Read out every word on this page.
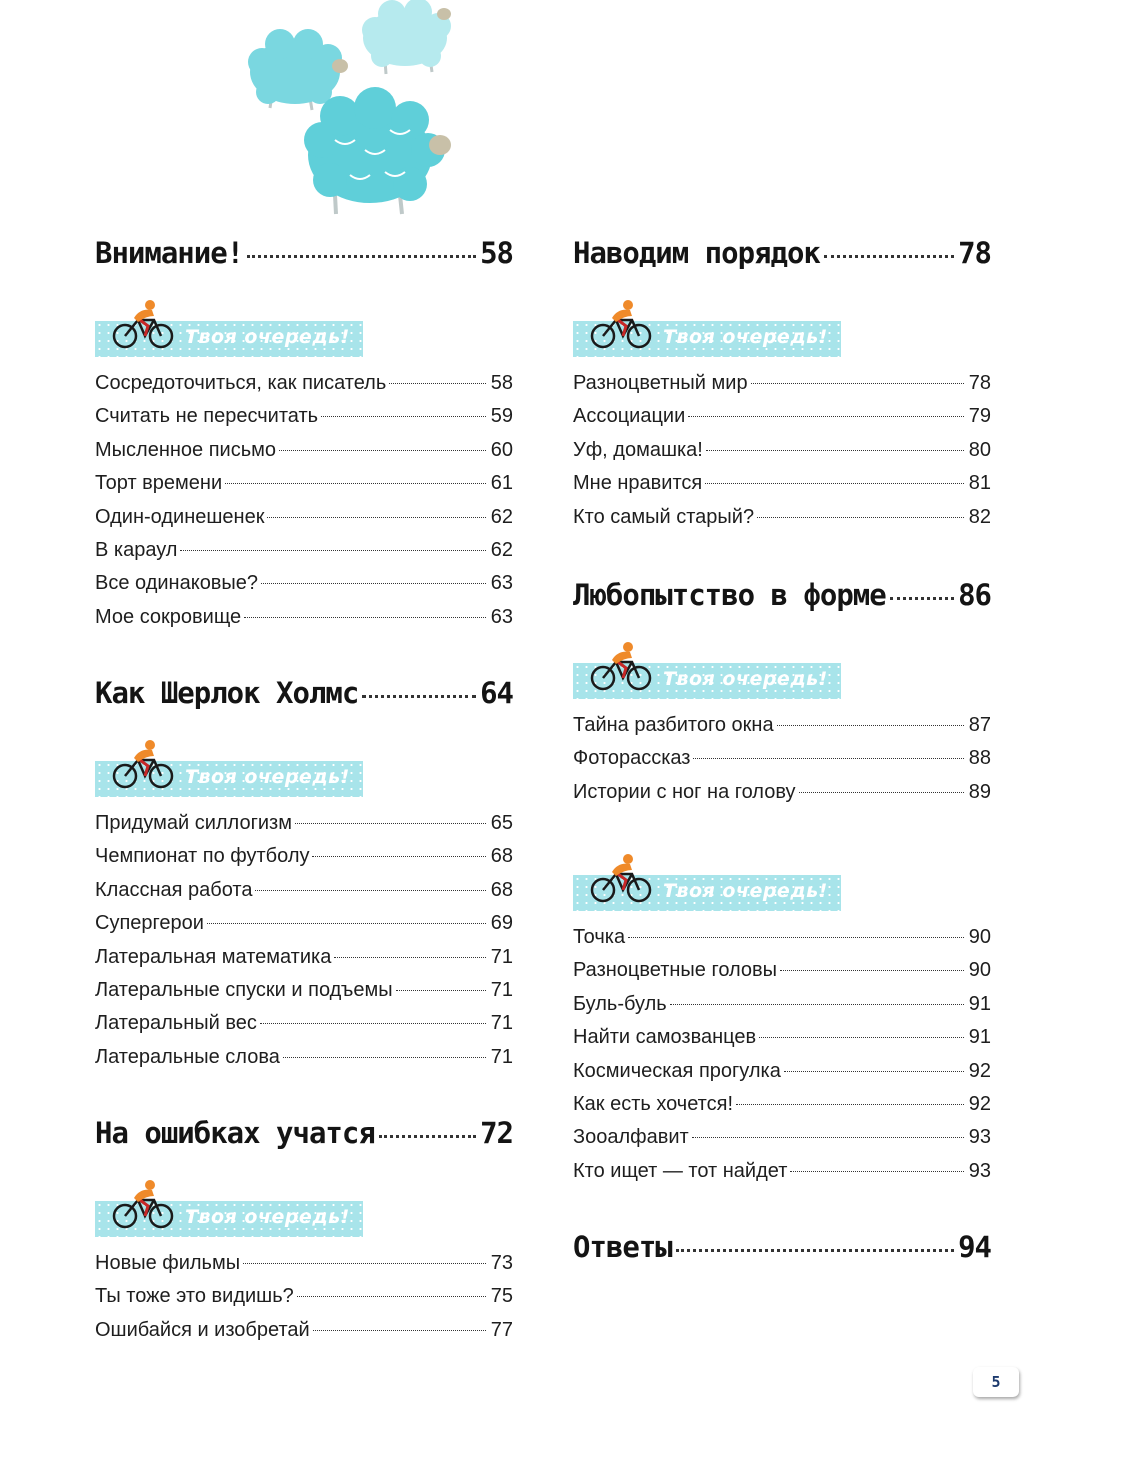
Внимание!	58
Твоя очередь!
Сосредоточиться, как писатель	58
Считать не пересчитать	59
Мысленное письмо	60
Торт времени	61
Один-одинешенек	62
В караул	62
Все одинаковые?	63
Мое сокровище	63
Как Шерлок Холмс	64
Твоя очередь!
Придумай силлогизм	65
Чемпионат по футболу	68
Классная работа	68
Супергерои	69
Латеральная математика	71
Латеральные спуски и подъемы	71
Латеральный вес	71
Латеральные слова	71
На ошибках учатся	72
Твоя очередь!
Новые фильмы	73
Ты тоже это видишь?	75
Ошибайся и изобретай	77
Наводим порядок	78
Твоя очередь!
Разноцветный мир	78
Ассоциации	79
Уф, домашка!	80
Мне нравится	81
Кто самый старый?	82
Любопытство в форме 86
Твоя очередь!
Тайна разбитого окна	87
Фоторассказ	88
Истории с ног на голову	89
Твоя очередь!
Точка	90
Разноцветные головы	90
Буль-буль	91
Найти самозванцев	91
Космическая прогулка	92
Как есть хочется!	92
Зооалфавит	93
Кто ищет — тот найдет	93
Ответы	94
5
